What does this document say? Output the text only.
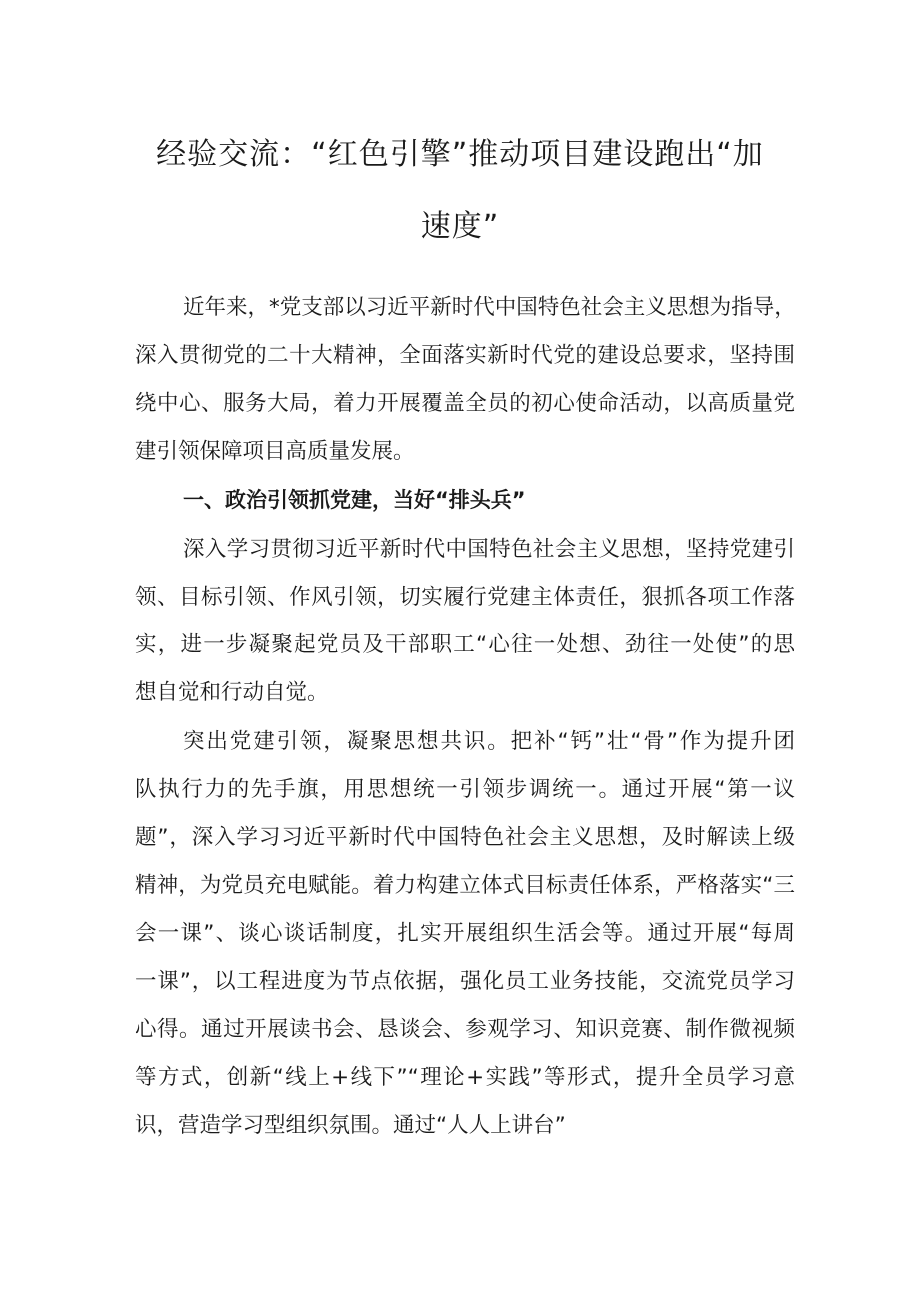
经验交流：“红色引擎”推动项目建设跑出“加
速度”
近年来，*党支部以习近平新时代中国特色社会主义思想为指导，
深入贯彻党的二十大精神，全面落实新时代党的建设总要求，坚持围
绕中心、服务大局，着力开展覆盖全员的初心使命活动，以高质量党
建引领保障项目高质量发展。
一、政治引领抓党建，当好“排头兵”
深入学习贯彻习近平新时代中国特色社会主义思想，坚持党建引
领、目标引领、作风引领，切实履行党建主体责任，狠抓各项工作落
实，进一步凝聚起党员及干部职工“心往一处想、劲往一处使”的思
想自觉和行动自觉。
突出党建引领，凝聚思想共识。把补“钙”壮“骨”作为提升团
队执行力的先手旗，用思想统一引领步调统一。通过开展“第一议
题”，深入学习习近平新时代中国特色社会主义思想，及时解读上级
精神，为党员充电赋能。着力构建立体式目标责任体系，严格落实“三
会一课”、谈心谈话制度，扎实开展组织生活会等。通过开展“每周
一课”，以工程进度为节点依据，强化员工业务技能，交流党员学习
心得。通过开展读书会、恳谈会、参观学习、知识竞赛、制作微视频
等方式，创新“线上+线下”“理论+实践”等形式，提升全员学习意
识，营造学习型组织氛围。通过“人人上讲台”
